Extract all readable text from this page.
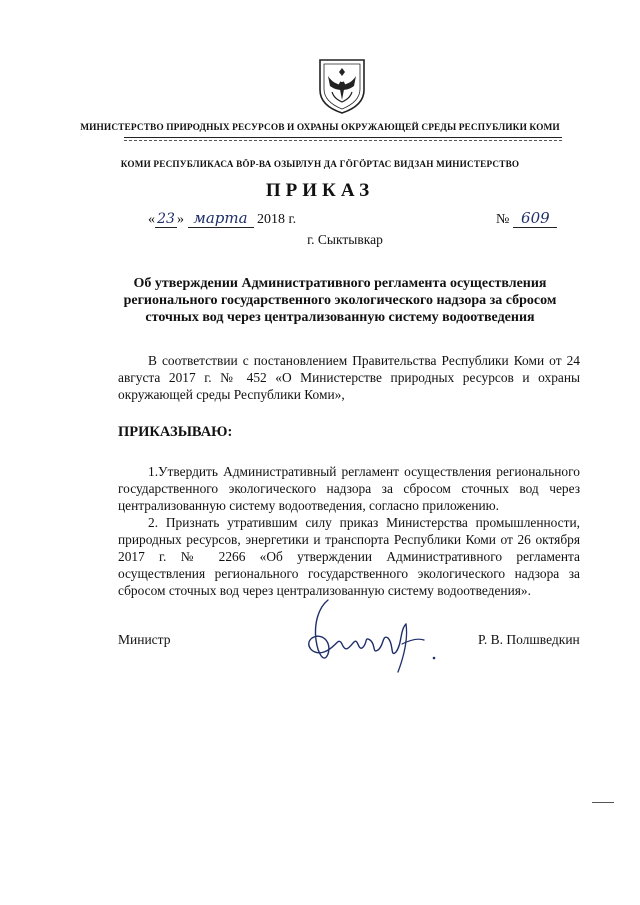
МИНИСТЕРСТВО ПРИРОДНЫХ РЕСУРСОВ И ОХРАНЫ ОКРУЖАЮЩЕЙ СРЕДЫ РЕСПУБЛИКИ КОМИ
КОМИ РЕСПУБЛИКАСА ВӦР-ВА ОЗЫРЛУН ДА ГӦГӦРТАС ВИДЗАН МИНИСТЕРСТВО
ПРИКАЗ
« 23 » марта 2018 г.	№ 609
г. Сыктывкар
Об утверждении Административного регламента осуществления регионального государственного экологического надзора за сбросом сточных вод через централизованную систему водоотведения
В соответствии с постановлением Правительства Республики Коми от 24 августа 2017 г. № 452 «О Министерстве природных ресурсов и охраны окружающей среды Республики Коми»,
ПРИКАЗЫВАЮ:
1.Утвердить Административный регламент осуществления регионального государственного экологического надзора за сбросом сточных вод через централизованную систему водоотведения, согласно приложению.
2. Признать утратившим силу приказ Министерства промышленности, природных ресурсов, энергетики и транспорта Республики Коми от 26 октября 2017 г. № 2266 «Об утверждении Административного регламента осуществления регионального государственного экологического надзора за сбросом сточных вод через централизованную систему водоотведения».
Министр	Р. В. Полшведкин
